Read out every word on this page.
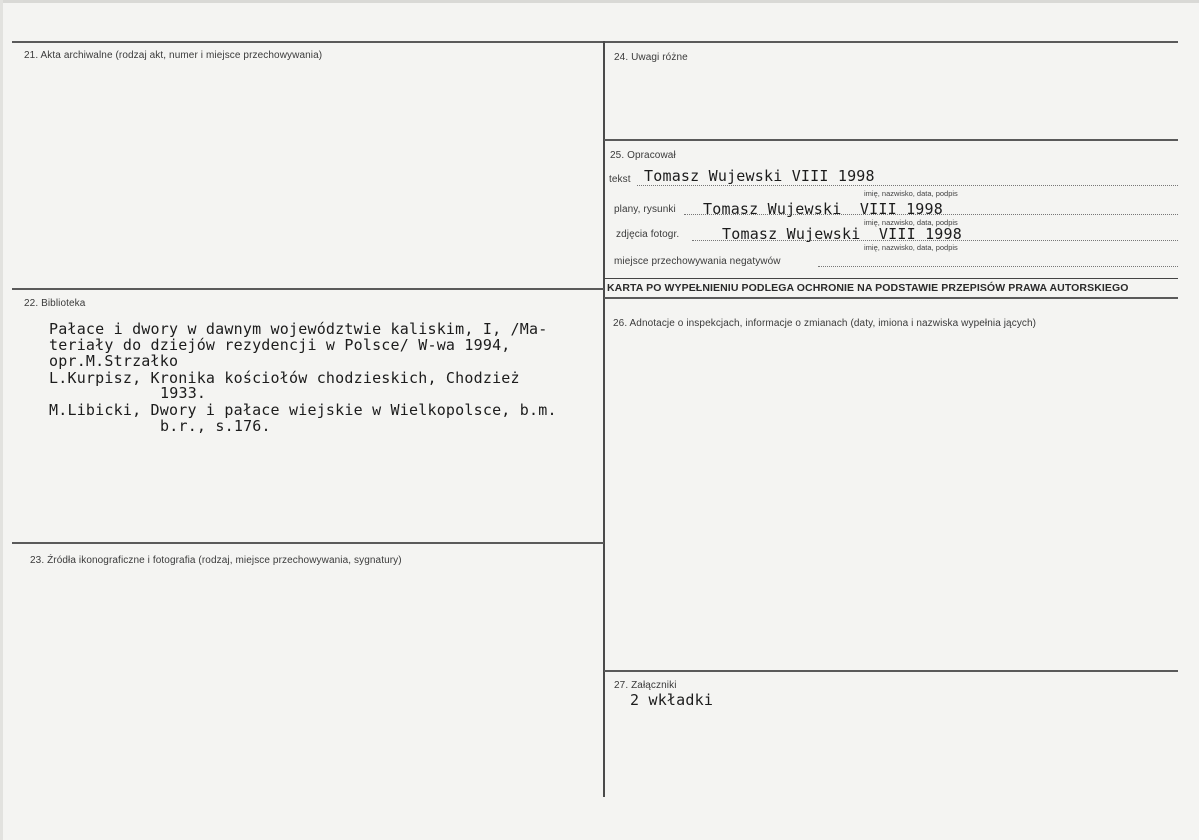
21. Akta archiwalne (rodzaj akt, numer i miejsce przechowywania)
22. Biblioteka
Pałace i dwory w dawnym województwie kaliskim, I, /Ma-
teriały do dziejów rezydencji w Polsce/ W-wa 1994,
opr.M.Strzałko
L.Kurpisz, Kronika kościołów chodzieskich, Chodzież
1933.
M.Libicki, Dwory i pałace wiejskie w Wielkopolsce, b.m.
b.r., s.176.
23. Źródła ikonograficzne i fotografia (rodzaj, miejsce przechowywania, sygnatury)
24. Uwagi różne
25. Opracował
tekst Tomasz Wujewski VIII 1998
imię, nazwisko, data, podpis
plany, rysunki Tomasz Wujewski  VIII 1998
imię, nazwisko, data, podpis
zdjęcia fotogr.	Tomasz Wujewski  VIII 1998
imię, nazwisko, data, podpis
miejsce przechowywania negatywów
KARTA PO WYPEŁNIENIU PODLEGA OCHRONIE NA PODSTAWIE PRZEPISÓW PRAWA AUTORSKIEGO
26. Adnotacje o inspekcjach, informacje o zmianach (daty, imiona i nazwiska wypełnia jących)
27. Załączniki
2 wkładki
